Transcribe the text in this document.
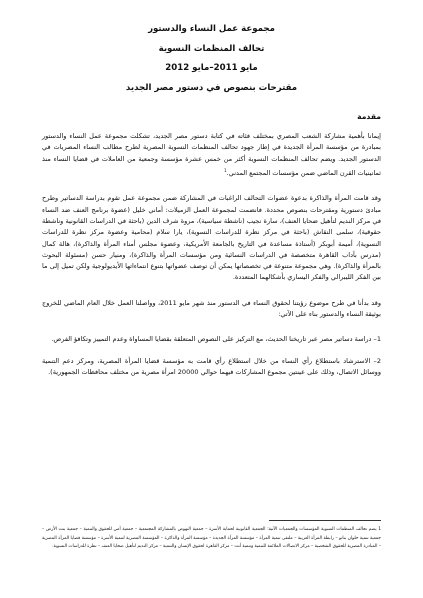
مجموعة عمل النساء والدستور
تحالف المنظمات النسوية
مايو 2011–مايو 2012
مقترحات بنصوص في دستور مصر الجديد
مقدمة

إيمانا بأهمية مشاركة الشعب المصري بمختلف فئاته في كتابة دستور مصر الجديد، تشكلت مجموعة عمل النساء والدستور بمبادرة من مؤسسة المرأة الجديدة في إطار جهود تحالف المنظمات النسوية المصرية لطرح مطالب النساء المصريات في الدستور الجديد. ويضم تحالف المنظمات النسوية أكثر من خمس عشرة مؤسسة وجمعية من العاملات في قضايا النساء منذ ثمانينيات القرن الماضي ضمن مؤسسات المجتمع المدني.$^1$

وقد قامت المرأة والذاكرة بدعوة عضوات التحالف الراغبات في المشاركة ضمن مجموعة عمل تقوم بدراسة الدساتير وطرح مبادئ دستورية ومقترحات بنصوص محددة. فانضمت لمجموعة العمل الزميلات: أماني خليل (عضوة برنامج العنف ضد النساء في مركز النديم لتأهيل ضحايا العنف)، سارة نجيب (ناشطة سياسية)، مروة شرف الدين (باحثة في الدراسات القانونية وناشطة حقوقية)، سلمى النقاش (باحثة في مركز نظرة للدراسات النسوية)، يارا سلام (محامية وعضوة مركز نظرة للدراسات النسوية)، أميمة أبوبكر (أستاذة مساعدة في التاريخ بالجامعة الأمريكية، وعضوة مجلس أمناء المرأة والذاكرة)، هالة كمال (مدرس بآداب القاهرة متخصصة في الدراسات النسائية ومن مؤسسات المرأة والذاكرة)، ومنيار حسن (مسئولة البحوث بالمرأة والذاكرة). وهي مجموعة متنوعة في تخصصاتها يمكن أن توصف عضواتها بتنوع انتماءاتها الأيديولوجية ولكن تميل إلى ما بين الفكر الليبرالي والفكر اليساري بأشكالهما المتعددة.

وقد بدأنا في طرح موضوع رؤيتنا لحقوق النساء في الدستور منذ شهر مايو 2011، وواصلنا العمل خلال العام الماضي للخروج بوثيقة النساء والدستور بناء على الآتي:

1– دراسة دساتير مصر عبر تاريخنا الحديث، مع التركيز على النصوص المتعلقة بقضايا المساواة وعدم التمييز وتكافؤ الفرص.
2– الاسترشاد باستطلاع رأي النساء من خلال استطلاع رأي قامت به مؤسسة قضايا المرأة المصرية، ومركز دعم التنمية ووسائل الاتصال، وذلك على عينتين مجموع المشاركات فيهما حوالي 20000 امرأة مصرية من مختلف محافظات الجمهورية).
1 يضم تحالف المنظمات النسوية المؤسسات والجمعيات الآتية: الجمعية القانونية لحماية الأسرة – جمعية النهوض بالمشاركة المجتمعية – جمعية أمي للحقوق والتنمية – جمعية بنت الأرض – جمعية تنمية حلوان بناتو – رابطة المرأة العربية – ملتقى تنمية المرأة – مؤسسة المرأة الجديدة – مؤسسة المرأة والذاكرة – المؤسسة المصرية لتنمية الأسرة – مؤسسة قضايا المرأة المصرية – المبادرة المصرية للحقوق الشخصية – مركز الاتصالات الملائمة للتنمية وتنمية أنت – مركز القاهرة لحقوق الإنسان والتنمية – مركز النديم لتأهيل ضحايا العنف – نظرة للدراسات النسوية.
